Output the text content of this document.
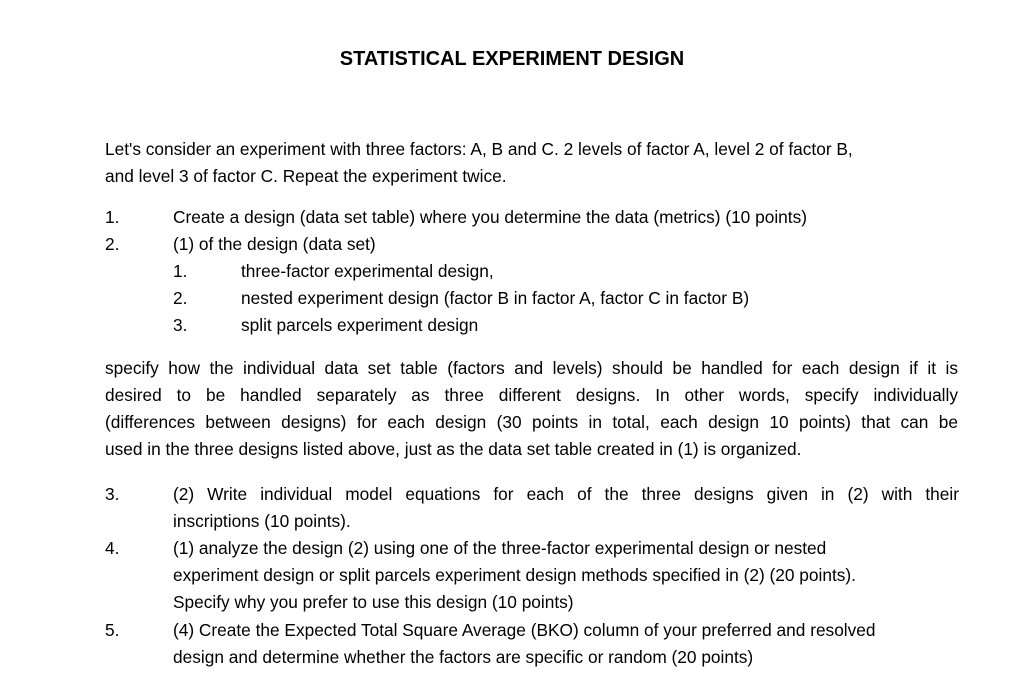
STATISTICAL EXPERIMENT DESIGN
Let's consider an experiment with three factors: A, B and C. 2 levels of factor A, level 2 of factor B,
and level 3 of factor C. Repeat the experiment twice.
1.	Create a design (data set table) where you determine the data (metrics) (10 points)
2.	(1) of the design (data set)
1.	three-factor experimental design,
2.	nested experiment design (factor B in factor A, factor C in factor B)
3.	split parcels experiment design
specify how the individual data set table (factors and levels) should be handled for each design if it is
desired to be handled separately as three different designs. In other words, specify individually
(differences between designs) for each design (30 points in total, each design 10 points) that can be
used in the three designs listed above, just as the data set table created in (1) is organized.
3.	(2) Write individual model equations for each of the three designs given in (2) with their
inscriptions (10 points).
4.	(1) analyze the design (2) using one of the three-factor experimental design or nested
experiment design or split parcels experiment design methods specified in (2) (20 points).
Specify why you prefer to use this design (10 points)
5.	(4) Create the Expected Total Square Average (BKO) column of your preferred and resolved
design and determine whether the factors are specific or random (20 points)
